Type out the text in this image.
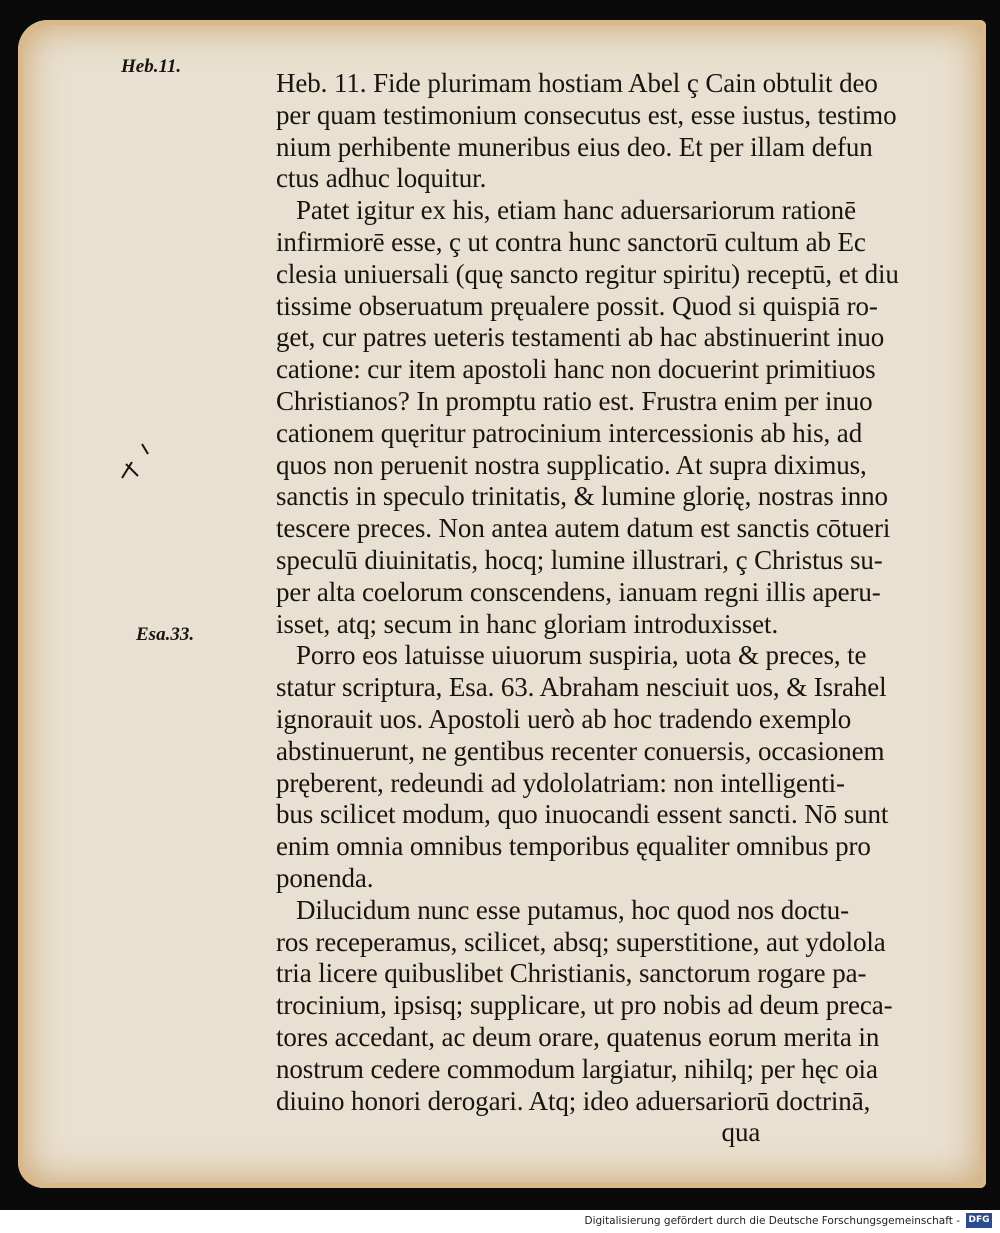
Heb.11.
Esa.33.
Heb. 11. Fide plurimam hostiam Abel ç Cain obtulit deo
per quam testimonium consecutus est, esse iustus, testimo
nium perhibente muneribus eius deo. Et per illam defun
ctus adhuc loquitur.
Patet igitur ex his, etiam hanc aduersariorum rationē
infirmiorē esse, ç ut contra hunc sanctorū cultum ab Ec
clesia uniuersali (quę sancto regitur spiritu) receptū, et diu
tissime obseruatum pręualere possit. Quod si quispiā ro-
get, cur patres ueteris testamenti ab hac abstinuerint inuo
catione: cur item apostoli hanc non docuerint primitiuos
Christianos? In promptu ratio est. Frustra enim per inuo
cationem quęritur patrocinium intercessionis ab his, ad
quos non peruenit nostra supplicatio. At supra diximus,
sanctis in speculo trinitatis, & lumine glorię, nostras inno
tescere preces. Non antea autem datum est sanctis cōtueri
speculū diuinitatis, hocq; lumine illustrari, ç Christus su-
per alta coelorum conscendens, ianuam regni illis aperu-
isset, atq; secum in hanc gloriam introduxisset.
Porro eos latuisse uiuorum suspiria, uota & preces, te
statur scriptura, Esa. 63. Abraham nesciuit uos, & Israhel
ignorauit uos. Apostoli uerò ab hoc tradendo exemplo
abstinuerunt, ne gentibus recenter conuersis, occasionem
pręberent, redeundi ad ydololatriam: non intelligenti-
bus scilicet modum, quo inuocandi essent sancti. Nō sunt
enim omnia omnibus temporibus ęqualiter omnibus pro
ponenda.
Dilucidum nunc esse putamus, hoc quod nos doctu-
ros receperamus, scilicet, absq; superstitione, aut ydolola
tria licere quibuslibet Christianis, sanctorum rogare pa-
trocinium, ipsisq; supplicare, ut pro nobis ad deum preca-
tores accedant, ac deum orare, quatenus eorum merita in
nostrum cedere commodum largiatur, nihilq; per hęc oia
diuino honori derogari. Atq; ideo aduersariorū doctrinā,
qua
Digitalisierung gefördert durch die Deutsche Forschungsgemeinschaft - DFG
